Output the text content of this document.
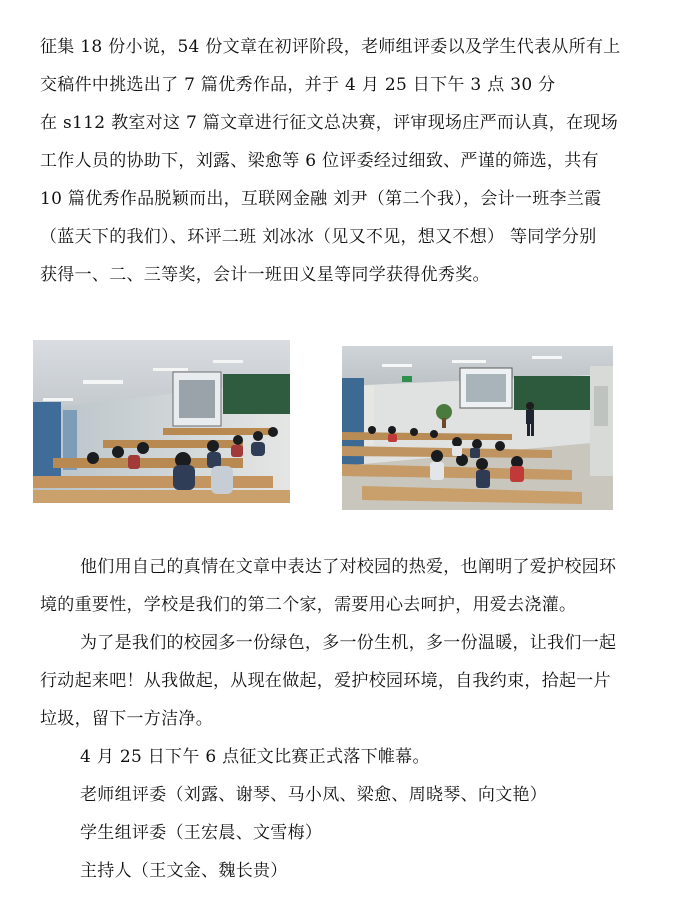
征集 18 份小说，54 份文章在初评阶段，老师组评委以及学生代表从所有上
交稿件中挑选出了 7 篇优秀作品，并于 4 月 25 日下午 3 点 30 分
在 s112 教室对这 7 篇文章进行征文总决赛，评审现场庄严而认真，在现场
工作人员的协助下，刘露、梁愈等 6 位评委经过细致、严谨的筛选，共有
10 篇优秀作品脱颖而出，互联网金融 刘尹（第二个我），会计一班李兰霞
（蓝天下的我们）、环评二班 刘冰冰（见又不见，想又不想） 等同学分别
获得一、二、三等奖，会计一班田义星等同学获得优秀奖。
他们用自己的真情在文章中表达了对校园的热爱，也阐明了爱护校园环
境的重要性，学校是我们的第二个家，需要用心去呵护，用爱去浇灌。
为了是我们的校园多一份绿色，多一份生机，多一份温暖，让我们一起
行动起来吧！从我做起，从现在做起，爱护校园环境，自我约束，拾起一片
垃圾，留下一方洁净。
4 月 25 日下午 6 点征文比赛正式落下帷幕。
老师组评委（刘露、谢琴、马小凤、梁愈、周晓琴、向文艳）
学生组评委（王宏晨、文雪梅）
主持人（王文金、魏长贵）
